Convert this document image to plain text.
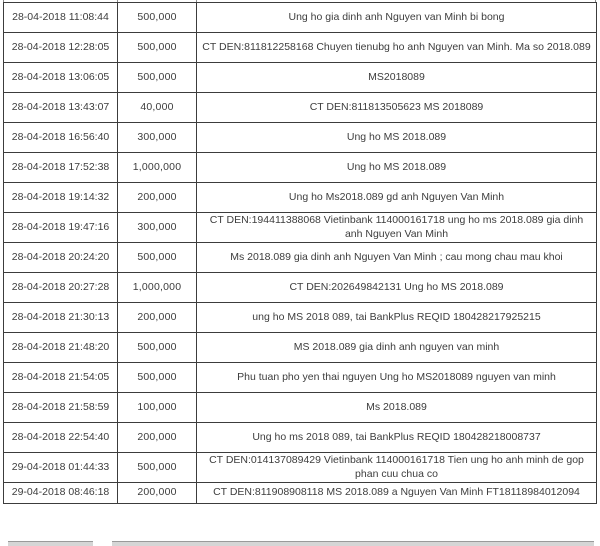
28-04-2018 11:08:44	500,000	Ung ho gia dinh anh Nguyen van Minh bi bong
28-04-2018 12:28:05	500,000	CT DEN:811812258168 Chuyen tienubg ho anh Nguyen van Minh. Ma so 2018.089
28-04-2018 13:06:05	500,000	MS2018089
28-04-2018 13:43:07	40,000	CT DEN:811813505623 MS 2018089
28-04-2018 16:56:40	300,000	Ung ho MS 2018.089
28-04-2018 17:52:38	1,000,000	Ung ho MS 2018.089
28-04-2018 19:14:32	200,000	Ung ho Ms2018.089 gd anh Nguyen Van Minh
28-04-2018 19:47:16	300,000	CT DEN:194411388068 Vietinbank 114000161718 ung ho ms 2018.089 gia dinh anh Nguyen Van Minh
28-04-2018 20:24:20	500,000	Ms 2018.089 gia dinh anh Nguyen Van Minh ; cau mong chau mau khoi
28-04-2018 20:27:28	1,000,000	CT DEN:202649842131 Ung ho MS 2018.089
28-04-2018 21:30:13	200,000	ung ho MS 2018 089, tai BankPlus REQID 180428217925215
28-04-2018 21:48:20	500,000	MS 2018.089 gia dinh anh nguyen van minh
28-04-2018 21:54:05	500,000	Phu tuan pho yen thai nguyen Ung ho MS2018089 nguyen van minh
28-04-2018 21:58:59	100,000	Ms 2018.089
28-04-2018 22:54:40	200,000	Ung ho ms 2018 089, tai BankPlus REQID 180428218008737
29-04-2018 01:44:33	500,000	CT DEN:014137089429 Vietinbank 114000161718 Tien ung ho anh minh de gop phan cuu chua co
29-04-2018 08:46:18	200,000	CT DEN:811908908118 MS 2018.089 a Nguyen Van Minh FT18118984012094
